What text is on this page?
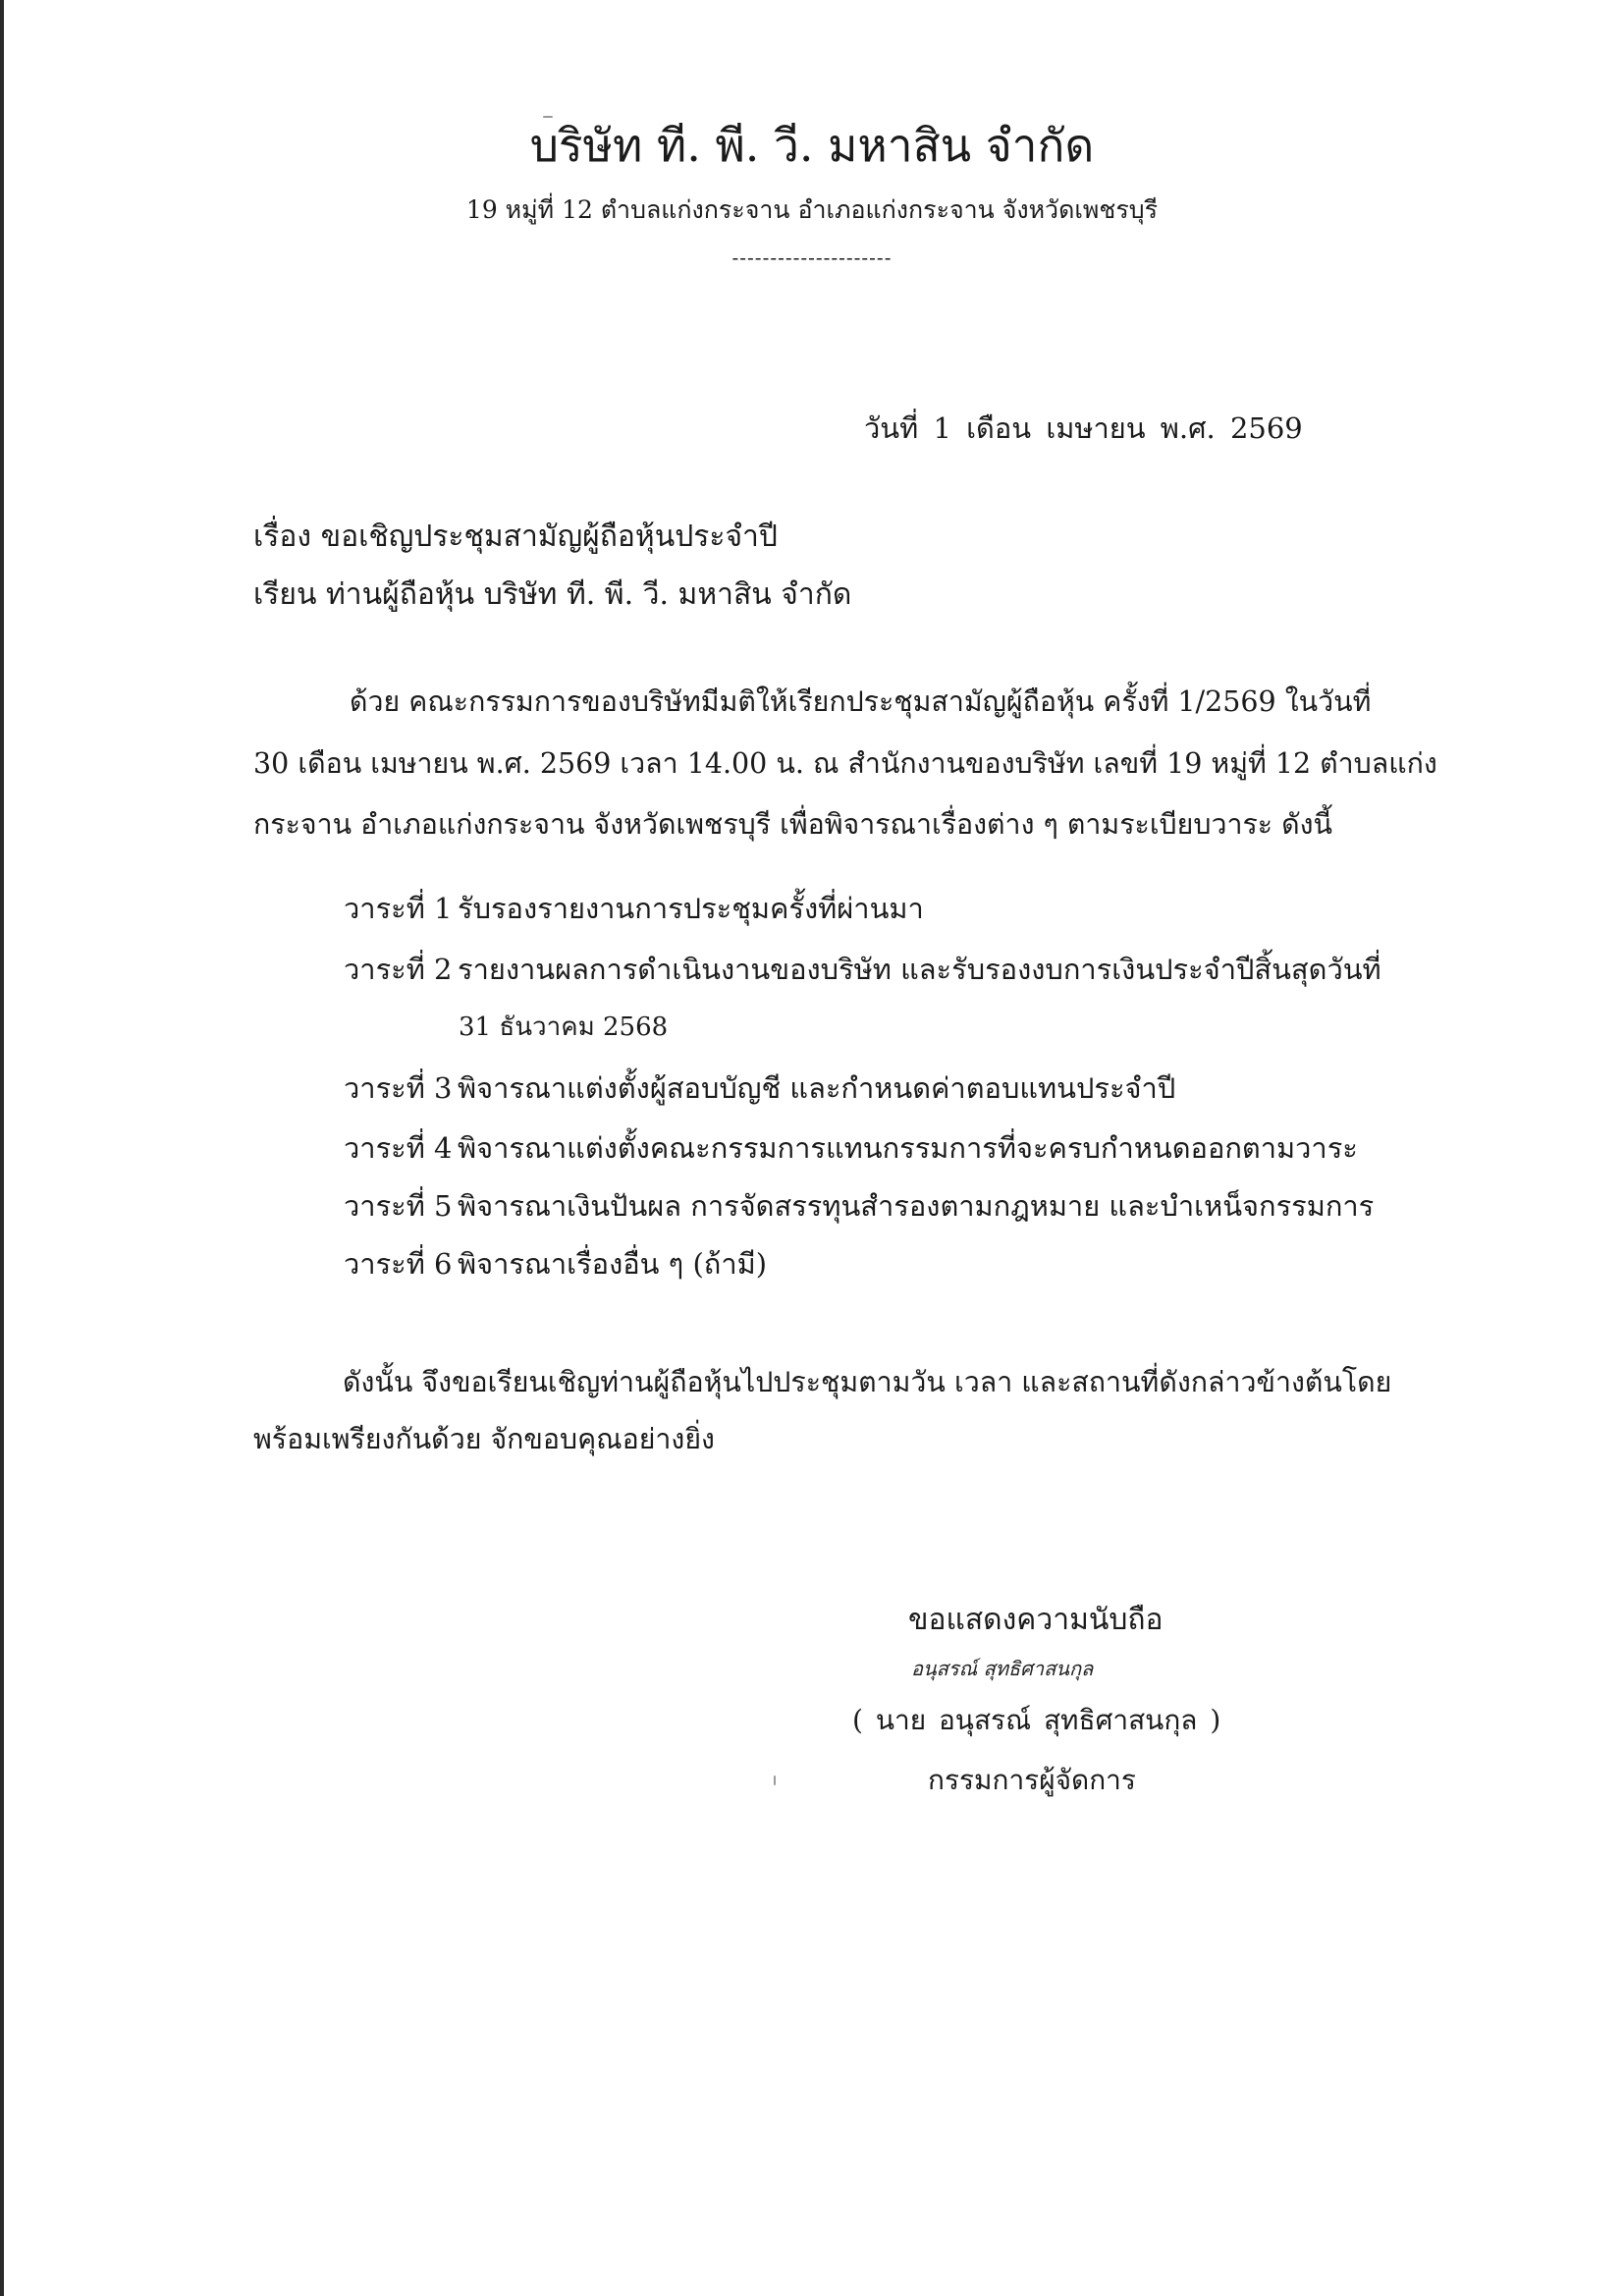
บริษัท ที. พี. วี. มหาสิน จำกัด
19 หมู่ที่ 12 ตำบลแก่งกระจาน อำเภอแก่งกระจาน จังหวัดเพชรบุรี
---------------------
วันที่ 1 เดือน เมษายน พ.ศ. 2569
เรื่อง ขอเชิญประชุมสามัญผู้ถือหุ้นประจำปี
เรียน ท่านผู้ถือหุ้น บริษัท ที. พี. วี. มหาสิน จำกัด
ด้วย คณะกรรมการของบริษัทมีมติให้เรียกประชุมสามัญผู้ถือหุ้น ครั้งที่ 1/2569 ในวันที่
30 เดือน เมษายน พ.ศ. 2569 เวลา 14.00 น. ณ สำนักงานของบริษัท เลขที่ 19 หมู่ที่ 12 ตำบลแก่ง
กระจาน อำเภอแก่งกระจาน จังหวัดเพชรบุรี เพื่อพิจารณาเรื่องต่าง ๆ ตามระเบียบวาระ ดังนี้
วาระที่ 1 รับรองรายงานการประชุมครั้งที่ผ่านมา
วาระที่ 2 รายงานผลการดำเนินงานของบริษัท และรับรองงบการเงินประจำปีสิ้นสุดวันที่
31 ธันวาคม 2568
วาระที่ 3 พิจารณาแต่งตั้งผู้สอบบัญชี และกำหนดค่าตอบแทนประจำปี
วาระที่ 4 พิจารณาแต่งตั้งคณะกรรมการแทนกรรมการที่จะครบกำหนดออกตามวาระ
วาระที่ 5 พิจารณาเงินปันผล การจัดสรรทุนสำรองตามกฎหมาย และบำเหน็จกรรมการ
วาระที่ 6 พิจารณาเรื่องอื่น ๆ (ถ้ามี)
ดังนั้น จึงขอเรียนเชิญท่านผู้ถือหุ้นไปประชุมตามวัน เวลา และสถานที่ดังกล่าวข้างต้นโดย
พร้อมเพรียงกันด้วย จักขอบคุณอย่างยิ่ง
ขอแสดงความนับถือ
อนุสรณ์ สุทธิศาสนกุล
( นาย อนุสรณ์ สุทธิศาสนกุล )
กรรมการผู้จัดการ
